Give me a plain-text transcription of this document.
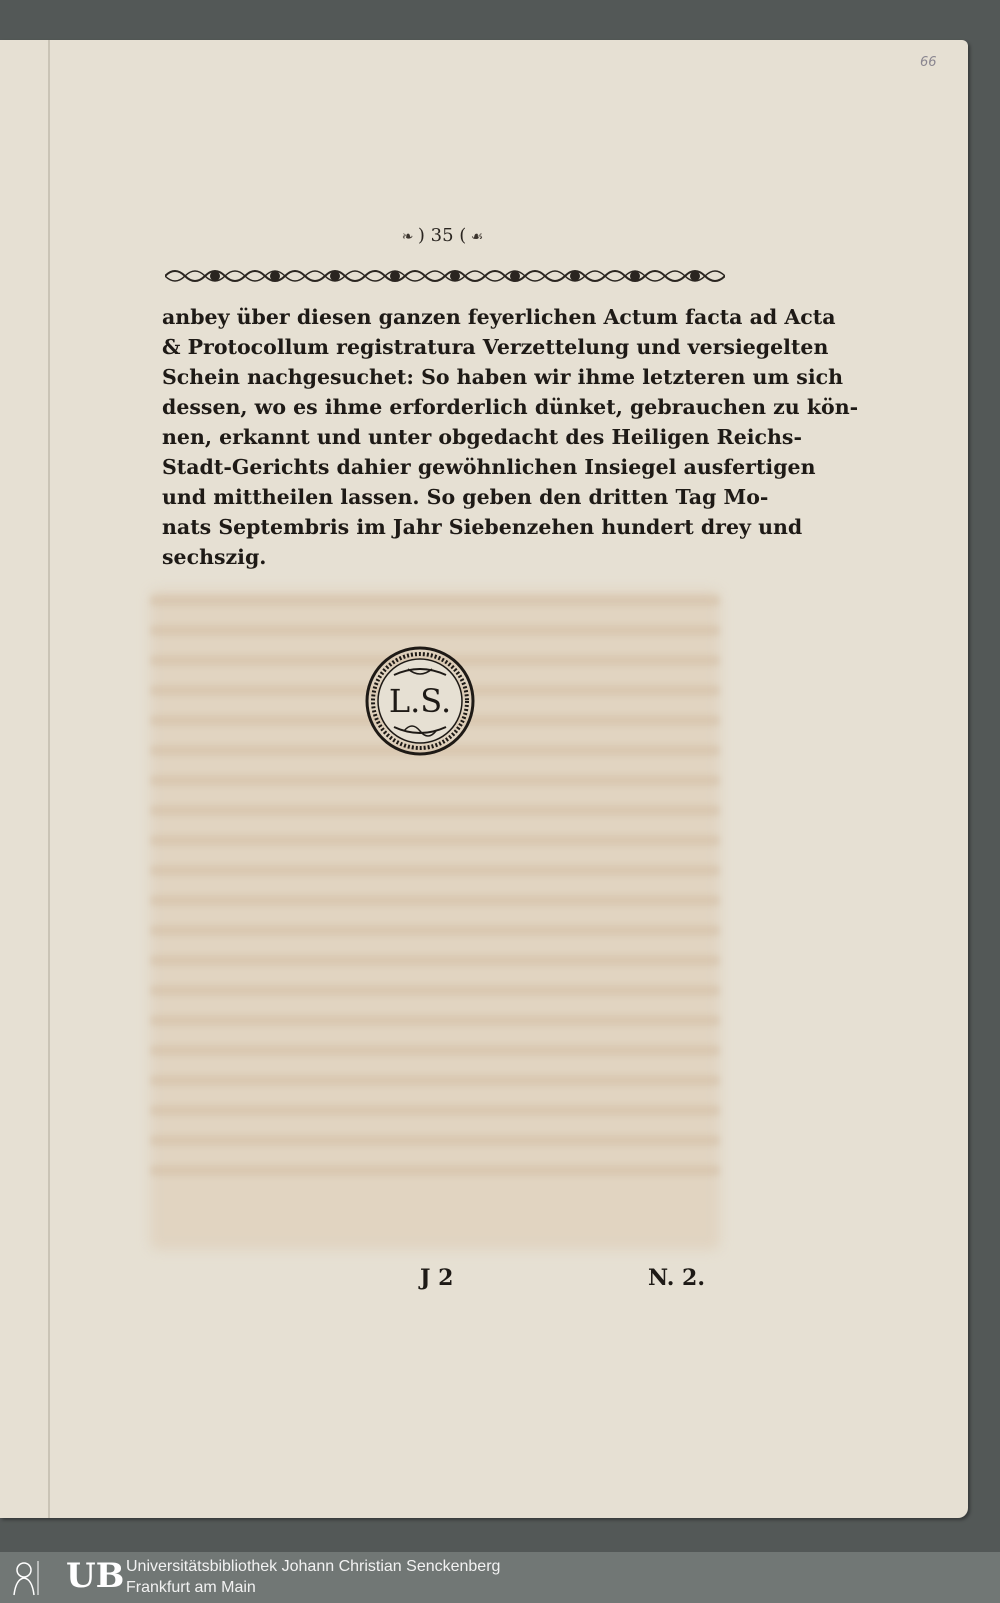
66
❧ ) 35 ( ☙
anbey über diesen ganzen feyerlichen Actum facta ad Acta
& Protocollum registratura Verzettelung und versiegelten
Schein nachgesuchet: So haben wir ihme letzteren um sich
dessen, wo es ihme erforderlich dünket, gebrauchen zu kön-
nen, erkannt und unter obgedacht des Heiligen Reichs-
Stadt-Gerichts dahier gewöhnlichen Insiegel ausfertigen
und mittheilen lassen. So geben den dritten Tag Mo-
nats Septembris im Jahr Siebenzehen hundert drey und
sechszig.
L.S.
J 2	N. 2.
UB Universitätsbibliothek Johann Christian Senckenberg
Frankfurt am Main
